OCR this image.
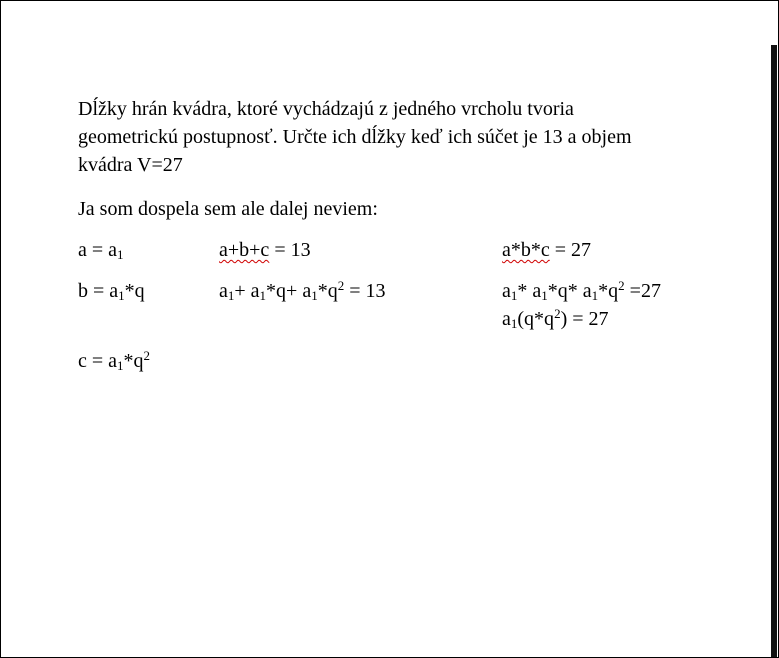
Dĺžky hrán kvádra, ktoré vychádzajú z jedného vrcholu tvoria
geometrickú postupnosť. Určte ich dĺžky keď ich súčet je 13 a objem
kvádra V=27
Ja som dospela sem ale dalej neviem:
$a = a_1$	a+b+c = 13	a*b*c = 27
$b = a_1*q$	$a_1+ a_1*q+ a_1*q^2 = 13$	$a_1*$ $a_1*q*$ $a_1*q^2 =27$
$a_1(q*q^2) = 27$
$c = a_1*q^2$
